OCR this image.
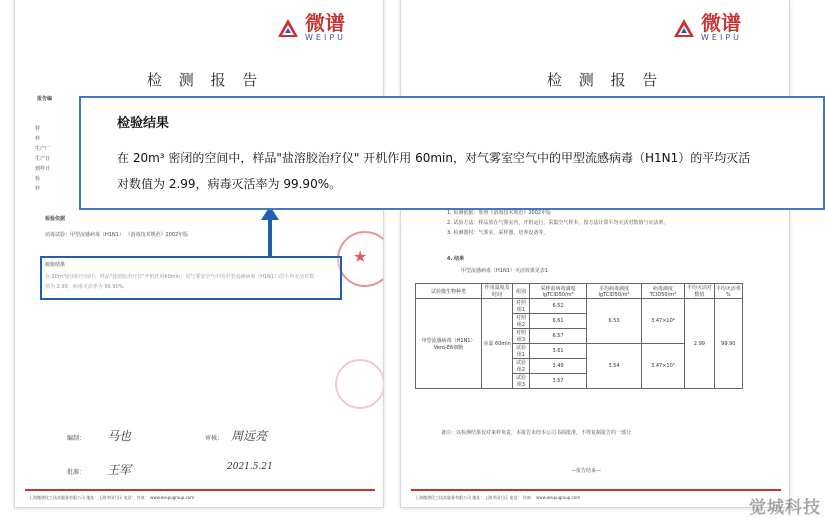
微谱
WEIPU
检 测 报 告
报告编
样
样
生产厂
生产日
到样日
检
样
检验依据
消毒试验：甲型流感病毒（H1N1） 《消毒技术规范》2002年版
检验结果
在 20m³密闭的空间中，样品"盐溶胶治疗仪"开机作用60min，对气雾室空气中的甲型流感病毒（H1N1）的平均灭活对数
值为 2.99，病毒灭活率为 99.90%。
★
编制： 马也	审核： 周远亮
批准： 王军	2021.5.21
上海微谱化工技术服务有限公司 地址：上海市闵行区 电话： 传真： www.weipugroup.com
微谱
WEIPU
检 测 报 告
1. 检测依据：参照《消毒技术规范》2002年版
2. 试验方法：样品放在气雾室内，开机运行，采集空气样本，按方法计算平均灭活对数值与灭活率。
3. 检测器材：气雾室，采样器，培养设备等。
4. 结果
甲型流感病毒（H1N1）灭活效果见表1
试验微生物种类	作用温度及时间	组别	采样前病毒滴度 lgTCID50/m³	平均病毒滴度 lgTCID50/m³	病毒滴度 TCID50/m³	平均灭活对数值	平均灭活率 %
甲型流感病毒（H1N1） Vero-E6细胞	室温 60min	对照组1	6.52	6.53	3.47×10⁶	2.99	99.90
		对照组2	6.61				
		对照组3	6.57				
		试验组1	3.61	3.54	3.47×10³		
		试验组2	3.49				
		试验组3	3.57				
备注：以检测结果仅对来样负责，本报告未经本公司书面批准，不得复制报告的一部分
—报告结束—
上海微谱化工技术服务有限公司 地址：上海市闵行区 电话： 传真： www.weipugroup.com
检验结果

在 20m³ 密闭的空间中，样品"盐溶胶治疗仪" 开机作用 60min，对气雾室空气中的甲型流感病毒（H1N1）的平均灭活

对数值为 2.99，病毒灭活率为 99.90%。

觉城科技
